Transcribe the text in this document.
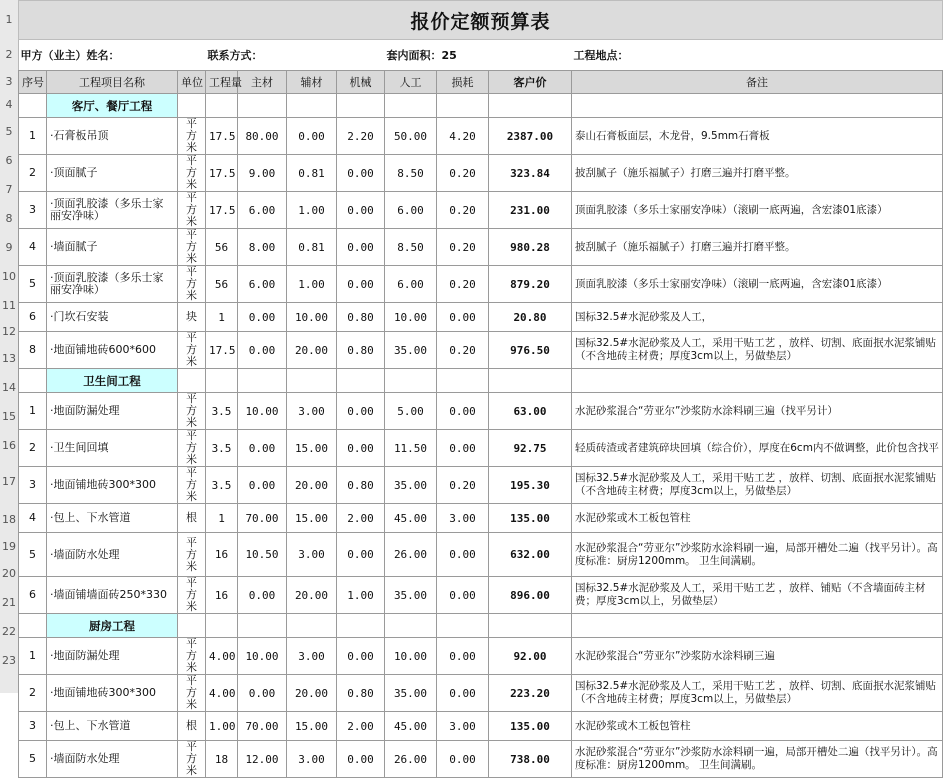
1
2
3
4
5
6
7
8
9
10
11
12
13
14
15
16
17
18
19
20
21
22
23
报价定额预算表										
甲方（业主）姓名：			联系方式：				套内面积：25			工程地点：
序号	工程项目名称	单位	工程量	主材	辅材	机械	人工	损耗	客户价	备注
	客厅、餐厅工程									
1	·石膏板吊顶	平方米	17.5	80.00	0.00	2.20	50.00	4.20	2387.00	泰山石膏板面层，木龙骨，9.5mm石膏板
2	·顶面腻子	平方米	17.5	9.00	0.81	0.00	8.50	0.20	323.84	披刮腻子（施乐福腻子）打磨三遍并打磨平整。
3	·顶面乳胶漆（多乐士家丽安净味）	平方米	17.5	6.00	1.00	0.00	6.00	0.20	231.00	顶面乳胶漆（多乐士家丽安净味）（滚刷一底两遍，含宏漆01底漆）
4	·墙面腻子	平方米	56	8.00	0.81	0.00	8.50	0.20	980.28	披刮腻子（施乐福腻子）打磨三遍并打磨平整。
5	·顶面乳胶漆（多乐士家丽安净味）	平方米	56	6.00	1.00	0.00	6.00	0.20	879.20	顶面乳胶漆（多乐士家丽安净味）（滚刷一底两遍，含宏漆01底漆）
6	·门坎石安装	块	1	0.00	10.00	0.80	10.00	0.00	20.80	国标32.5#水泥砂浆及人工，
8	·地面铺地砖600*600	平方米	17.5	0.00	20.00	0.80	35.00	0.20	976.50	国标32.5#水泥砂浆及人工，采用干贴工艺 ，放样、切割、底面抿水泥浆铺贴（不含地砖主材费；厚度3cm以上，另做垫层）
	卫生间工程									
1	·地面防漏处理	平方米	3.5	10.00	3.00	0.00	5.00	0.00	63.00	水泥砂浆混合“劳亚尔”沙浆防水涂料刷三遍（找平另计）
2	·卫生间回填	平方米	3.5	0.00	15.00	0.00	11.50	0.00	92.75	轻质砖渣或者建筑碎块回填（综合价），厚度在6cm内不做调整，此价包含找平
3	·地面铺地砖300*300	平方米	3.5	0.00	20.00	0.80	35.00	0.20	195.30	国标32.5#水泥砂浆及人工，采用干贴工艺 ，放样、切割、底面抿水泥浆铺贴（不含地砖主材费；厚度3cm以上，另做垫层）
4	·包上、下水管道	根	1	70.00	15.00	2.00	45.00	3.00	135.00	水泥砂浆或木工板包管柱
5	·墙面防水处理	平方米	16	10.50	3.00	0.00	26.00	0.00	632.00	水泥砂浆混合“劳亚尔”沙浆防水涂料刷一遍，局部开槽处二遍（找平另计）。高度标准：厨房1200mm。 卫生间满刷。
6	·墙面铺墙面砖250*330	平方米	16	0.00	20.00	1.00	35.00	0.00	896.00	国标32.5#水泥砂浆及人工，采用干贴工艺 ，放样、铺贴（不含墙面砖主材费；厚度3cm以上，另做垫层）
	厨房工程									
1	·地面防漏处理	平方米	4.00	10.00	3.00	0.00	10.00	0.00	92.00	水泥砂浆混合“劳亚尔”沙浆防水涂料刷三遍
2	·地面铺地砖300*300	平方米	4.00	0.00	20.00	0.80	35.00	0.00	223.20	国标32.5#水泥砂浆及人工，采用干贴工艺 ，放样、切割、底面抿水泥浆铺贴（不含地砖主材费；厚度3cm以上，另做垫层）
3	·包上、下水管道	根	1.00	70.00	15.00	2.00	45.00	3.00	135.00	水泥砂浆或木工板包管柱
5	·墙面防水处理	平方米	18	12.00	3.00	0.00	26.00	0.00	738.00	水泥砂浆混合“劳亚尔”沙浆防水涂料刷一遍，局部开槽处二遍（找平另计）。高度标准：厨房1200mm。 卫生间满刷。
